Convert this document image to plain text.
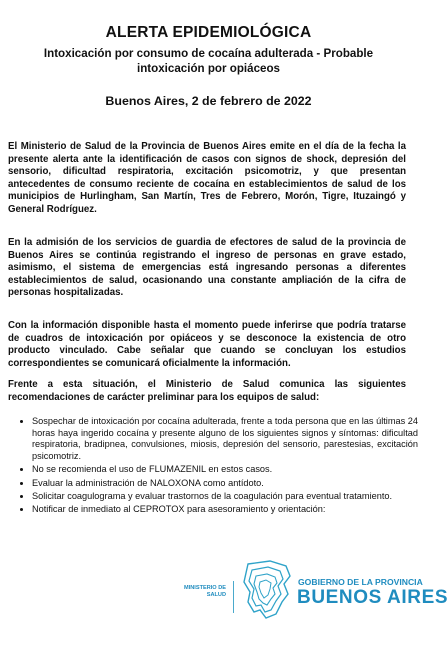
ALERTA EPIDEMIOLÓGICA
Intoxicación por consumo de cocaína adulterada - Probable intoxicación por opiáceos
Buenos Aires, 2 de febrero de 2022

El Ministerio de Salud de la Provincia de Buenos Aires emite en el día de la fecha la presente alerta ante la identificación de casos con signos de shock, depresión del sensorio, dificultad respiratoria, excitación psicomotriz, y que presentan antecedentes de consumo reciente de cocaína en establecimientos de salud de los municipios de Hurlingham, San Martín, Tres de Febrero, Morón, Tigre, Ituzaingó y General Rodríguez.

En la admisión de los servicios de guardia de efectores de salud de la provincia de Buenos Aires se continúa registrando el ingreso de personas en grave estado, asimismo, el sistema de emergencias está ingresando personas a diferentes establecimientos de salud, ocasionando una constante ampliación de la cifra de personas hospitalizadas.

Con la información disponible hasta el momento puede inferirse que podría tratarse de cuadros de intoxicación por opiáceos y se desconoce la existencia de otro producto vinculado. Cabe señalar que cuando se concluyan los estudios correspondientes se comunicará oficialmente la información.

Frente a esta situación, el Ministerio de Salud comunica las siguientes recomendaciones de carácter preliminar para los equipos de salud:

• Sospechar de intoxicación por cocaína adulterada, frente a toda persona que en las últimas 24 horas haya ingerido cocaína y presente alguno de los siguientes signos y síntomas: dificultad respiratoria, bradipnea, convulsiones, miosis, depresión del sensorio, parestesias, excitación psicomotriz.
• No se recomienda el uso de FLUMAZENIL en estos casos.
• Evaluar la administración de NALOXONA como antídoto.
• Solicitar coagulograma y evaluar trastornos de la coagulación para eventual tratamiento.
• Notificar de inmediato al CEPROTOX para asesoramiento y orientación:
MINISTERIO DE
SALUD
GOBIERNO DE LA PROVINCIA
BUENOS AIRES
